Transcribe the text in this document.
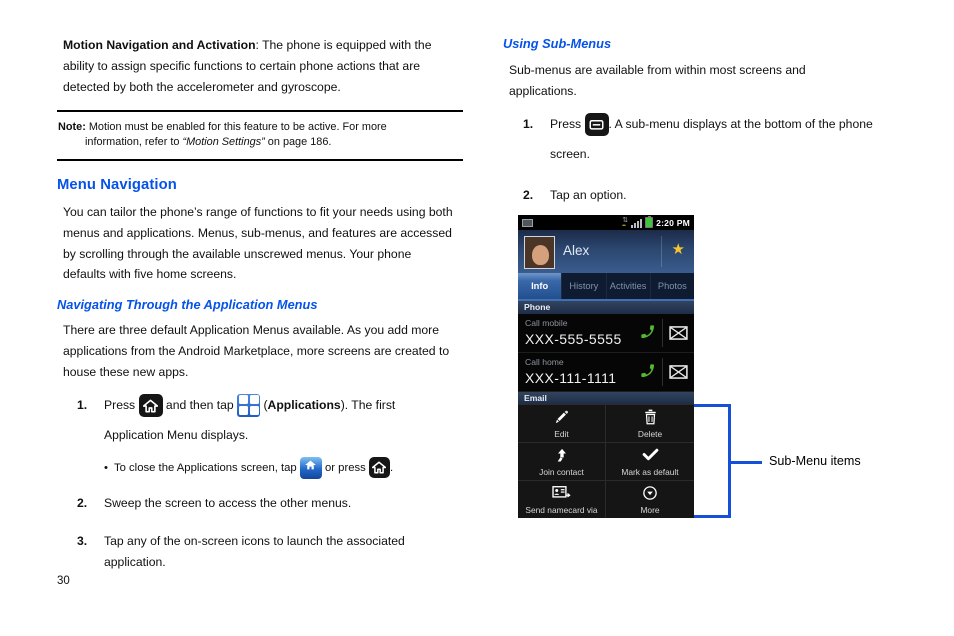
Motion Navigation and Activation: The phone is equipped with the ability to assign specific functions to certain phone actions that are detected by both the accelerometer and gyroscope.

Note: Motion must be enabled for this feature to be active. For more information, refer to “Motion Settings” on page 186.
Menu Navigation

You can tailor the phone’s range of functions to fit your needs using both menus and applications. Menus, sub-menus, and features are accessed by scrolling through the available unscrewed menus. Your phone defaults with five home screens.

Navigating Through the Application Menus

There are three default Application Menus available. As you add more applications from the Android Marketplace, more screens are created to house these new apps.

1.	Press  and then tap
(Applications). The first Application Menu displays.
• To close the Applications screen, tap  or press .
2.	Sweep the screen to access the other menus.
3.	Tap any of the on-screen icons to launch the associated application.
Using Sub-Menus

Sub-menus are available from within most screens and applications.

1.	Press . A sub-menu displays at the bottom of the phone screen.
2.	Tap an option.
⇅
••	2:20 PM
Alex	★
Info	History	Activities	Photos
Phone
Call mobile
XXX-555-5555
Call home
XXX-111-1111
Email
Edit	Delete
Join contact	Mark as default
Send namecard via	More
Sub-Menu items
30
